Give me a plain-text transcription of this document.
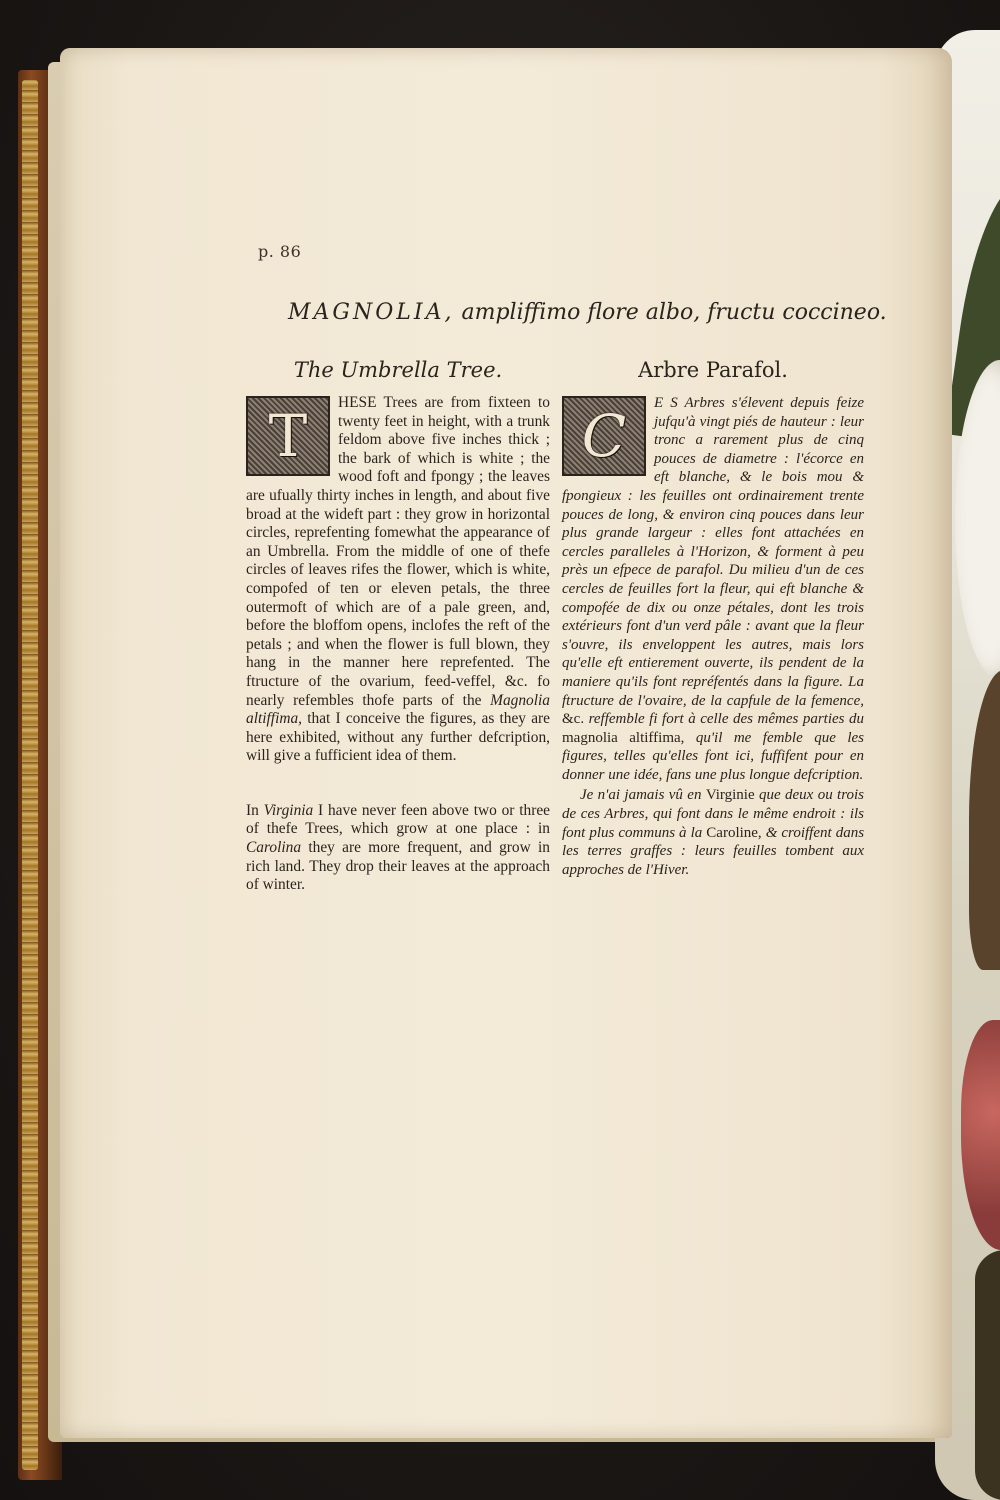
p. 86
MAGNOLIA, ampliffimo flore albo, fructu coccineo.
The Umbrella Tree.

T	HESE Trees are from fixteen to twenty feet in height, with a trunk feldom above five inches thick ; the bark of which is white ; the wood foft and fpongy ; the leaves are ufually thirty inches in length, and about five broad at the wideft part : they grow in horizontal circles, reprefenting fomewhat the appearance of an Umbrella. From the middle of one of thefe circles of leaves rifes the flower, which is white, compofed of ten or eleven petals, the three outermoft of which are of a pale green, and, before the bloffom opens, inclofes the reft of the petals ; and when the flower is full blown, they hang in the manner here reprefented. The ftructure of the ovarium, feed-veffel, &c. fo nearly refembles thofe parts of the Magnolia altiffima, that I conceive the figures, as they are here exhibited, without any further defcription, will give a fufficient idea of them.

In Virginia I have never feen above two or three of thefe Trees, which grow at one place : in Carolina they are more frequent, and grow in rich land. They drop their leaves at the approach of winter.

Arbre Parafol.

C	E S Arbres s'élevent depuis feize jufqu'à vingt piés de hauteur : leur tronc a rarement plus de cinq pouces de diametre : l'écorce en eft blanche, & le bois mou & fpongieux : les feuilles ont ordinairement trente pouces de long, & environ cinq pouces dans leur plus grande largeur : elles font attachées en cercles paralleles à l'Horizon, & forment à peu près un efpece de parafol. Du milieu d'un de ces cercles de feuilles fort la fleur, qui eft blanche & compofée de dix ou onze pétales, dont les trois extérieurs font d'un verd pâle : avant que la fleur s'ouvre, ils enveloppent les autres, mais lors qu'elle eft entierement ouverte, ils pendent de la maniere qu'ils font repréfentés dans la figure. La ftructure de l'ovaire, de la capfule de la femence, &c. reffemble fi fort à celle des mêmes parties du magnolia altiffima, qu'il me femble que les figures, telles qu'elles font ici, fuffifent pour en donner une idée, fans une plus longue defcription.

Je n'ai jamais vû en Virginie que deux ou trois de ces Arbres, qui font dans le même endroit : ils font plus communs à la Caroline, & croiffent dans les terres graffes : leurs feuilles tombent aux approches de l'Hiver.
